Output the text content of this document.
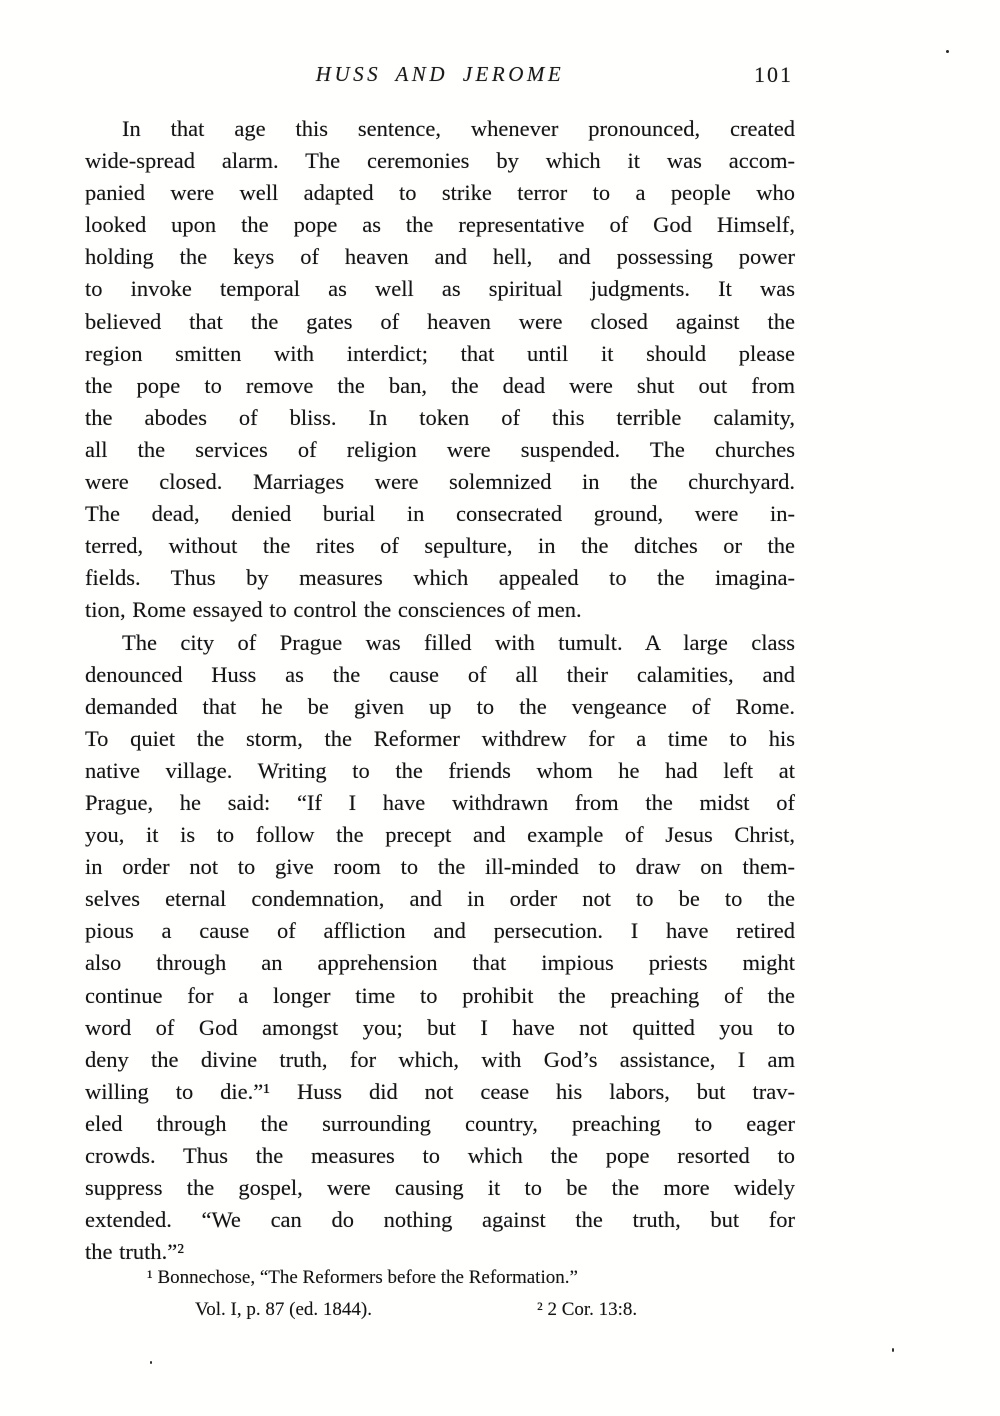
HUSS AND JEROME	101
In that age this sentence, whenever pronounced, created
wide-spread alarm. The ceremonies by which it was accom-
panied were well adapted to strike terror to a people who
looked upon the pope as the representative of God Himself,
holding the keys of heaven and hell, and possessing power
to invoke temporal as well as spiritual judgments. It was
believed that the gates of heaven were closed against the
region smitten with interdict; that until it should please
the pope to remove the ban, the dead were shut out from
the abodes of bliss. In token of this terrible calamity,
all the services of religion were suspended. The churches
were closed. Marriages were solemnized in the churchyard.
The dead, denied burial in consecrated ground, were in-
terred, without the rites of sepulture, in the ditches or the
fields. Thus by measures which appealed to the imagina-
tion, Rome essayed to control the consciences of men.
The city of Prague was filled with tumult. A large class
denounced Huss as the cause of all their calamities, and
demanded that he be given up to the vengeance of Rome.
To quiet the storm, the Reformer withdrew for a time to his
native village. Writing to the friends whom he had left at
Prague, he said: “If I have withdrawn from the midst of
you, it is to follow the precept and example of Jesus Christ,
in order not to give room to the ill-minded to draw on them-
selves eternal condemnation, and in order not to be to the
pious a cause of affliction and persecution. I have retired
also through an apprehension that impious priests might
continue for a longer time to prohibit the preaching of the
word of God amongst you; but I have not quitted you to
deny the divine truth, for which, with God’s assistance, I am
willing to die.”¹ Huss did not cease his labors, but trav-
eled through the surrounding country, preaching to eager
crowds. Thus the measures to which the pope resorted to
suppress the gospel, were causing it to be the more widely
extended. “We can do nothing against the truth, but for
the truth.”²
¹ Bonnechose, “The Reformers before the Reformation.”
Vol. I, p. 87 (ed. 1844).	² 2 Cor. 13:8.
